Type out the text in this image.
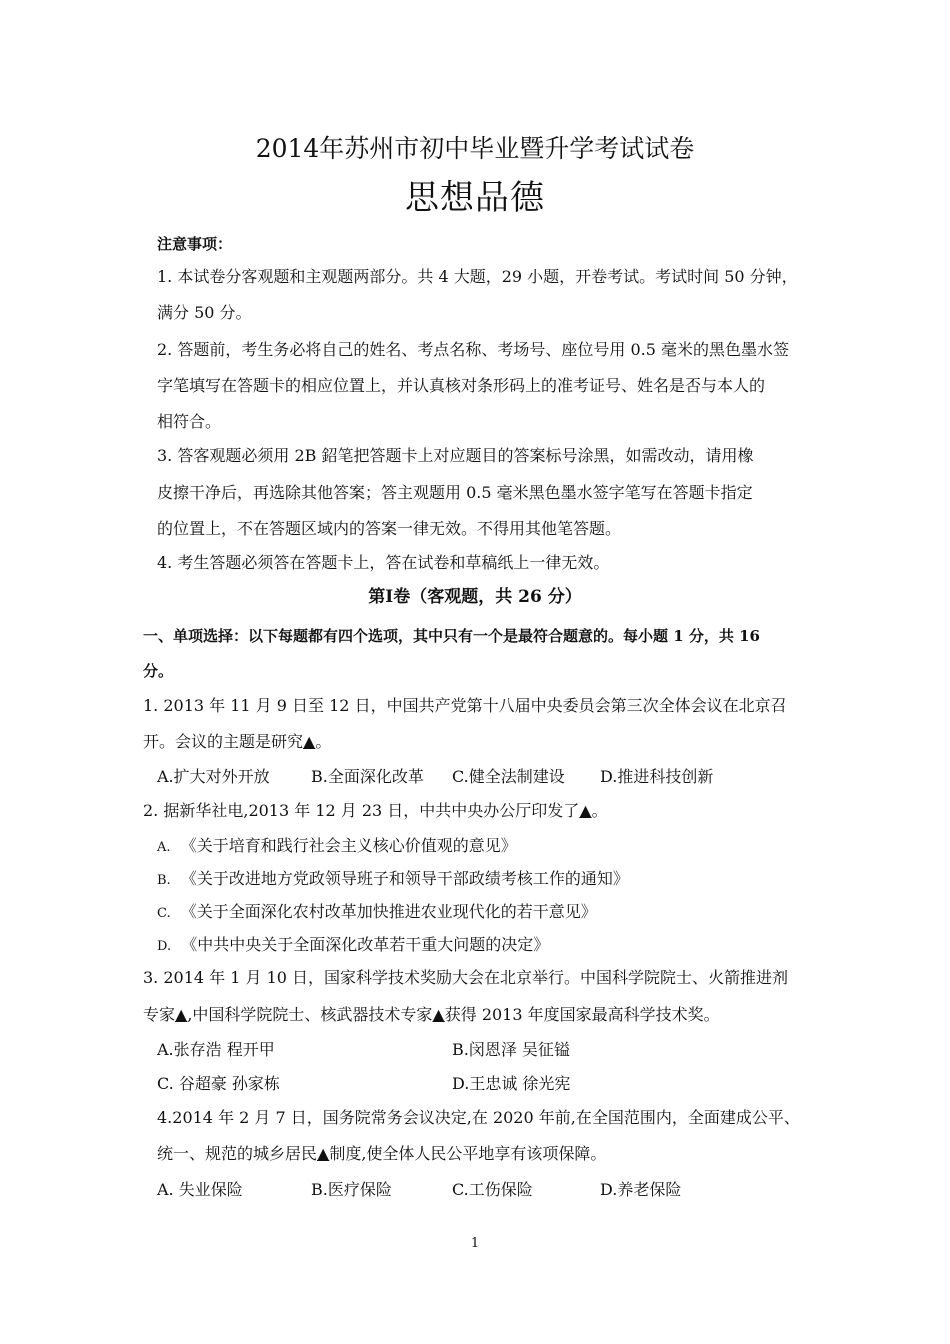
2014年苏州市初中毕业暨升学考试试卷
思想品德
注意事项：
1. 本试卷分客观题和主观题两部分。共 4 大题，29 小题，开卷考试。考试时间 50 分钟，
满分 50 分。
2. 答题前，考生务必将自己的姓名、考点名称、考场号、座位号用 0.5 毫米的黑色墨水签
字笔填写在答题卡的相应位置上，并认真核对条形码上的准考证号、姓名是否与本人的
相符合。
3. 答客观题必须用 2B 鉊笔把答题卡上对应题目的答案标号涂黑，如需改动，请用橡
皮擦干净后，再选除其他答案；答主观题用 0.5 毫米黑色墨水签字笔写在答题卡指定
的位置上，不在答题区域内的答案一律无效。不得用其他笔答题。
4. 考生答题必须答在答题卡上，答在试卷和草稿纸上一律无效。
第Ⅰ卷（客观题，共 26 分）
一、单项选择：以下每题都有四个选项，其中只有一个是最符合题意的。每小题 1 分，共 16
分。
1. 2013 年 11 月 9 日至 12 日，中国共产党第十八届中央委员会第三次全体会议在北京召
开。会议的主题是研究▲。
A.扩大对外开放	B.全面深化改革 C.健全法制建设 D.推进科技创新
2. 据新华社电,2013 年 12 月 23 日，中共中央办公厅印发了▲。
A. 《关于培育和践行社会主义核心价值观的意见》
B. 《关于改进地方党政领导班子和领导干部政绩考核工作的通知》
C. 《关于全面深化农村改革加快推进农业现代化的若干意见》
D. 《中共中央关于全面深化改革若干重大问题的决定》
3. 2014 年 1 月 10 日，国家科学技术奖励大会在北京举行。中国科学院院士、火箭推进剂
专家▲,中国科学院院士、核武器技术专家▲获得 2013 年度国家最高科学技术奖。
A.张存浩 程开甲	B.闵恩泽 吴征镒
C. 谷超豪 孙家栋	D.王忠诚 徐光宪
4.2014 年 2 月 7 日，国务院常务会议决定,在 2020 年前,在全国范围内，全面建成公平、
统一、规范的城乡居民▲制度,使全体人民公平地享有该项保障。
A. 失业保险	B.医疗保险	C.工伤保险	D.养老保险
1
